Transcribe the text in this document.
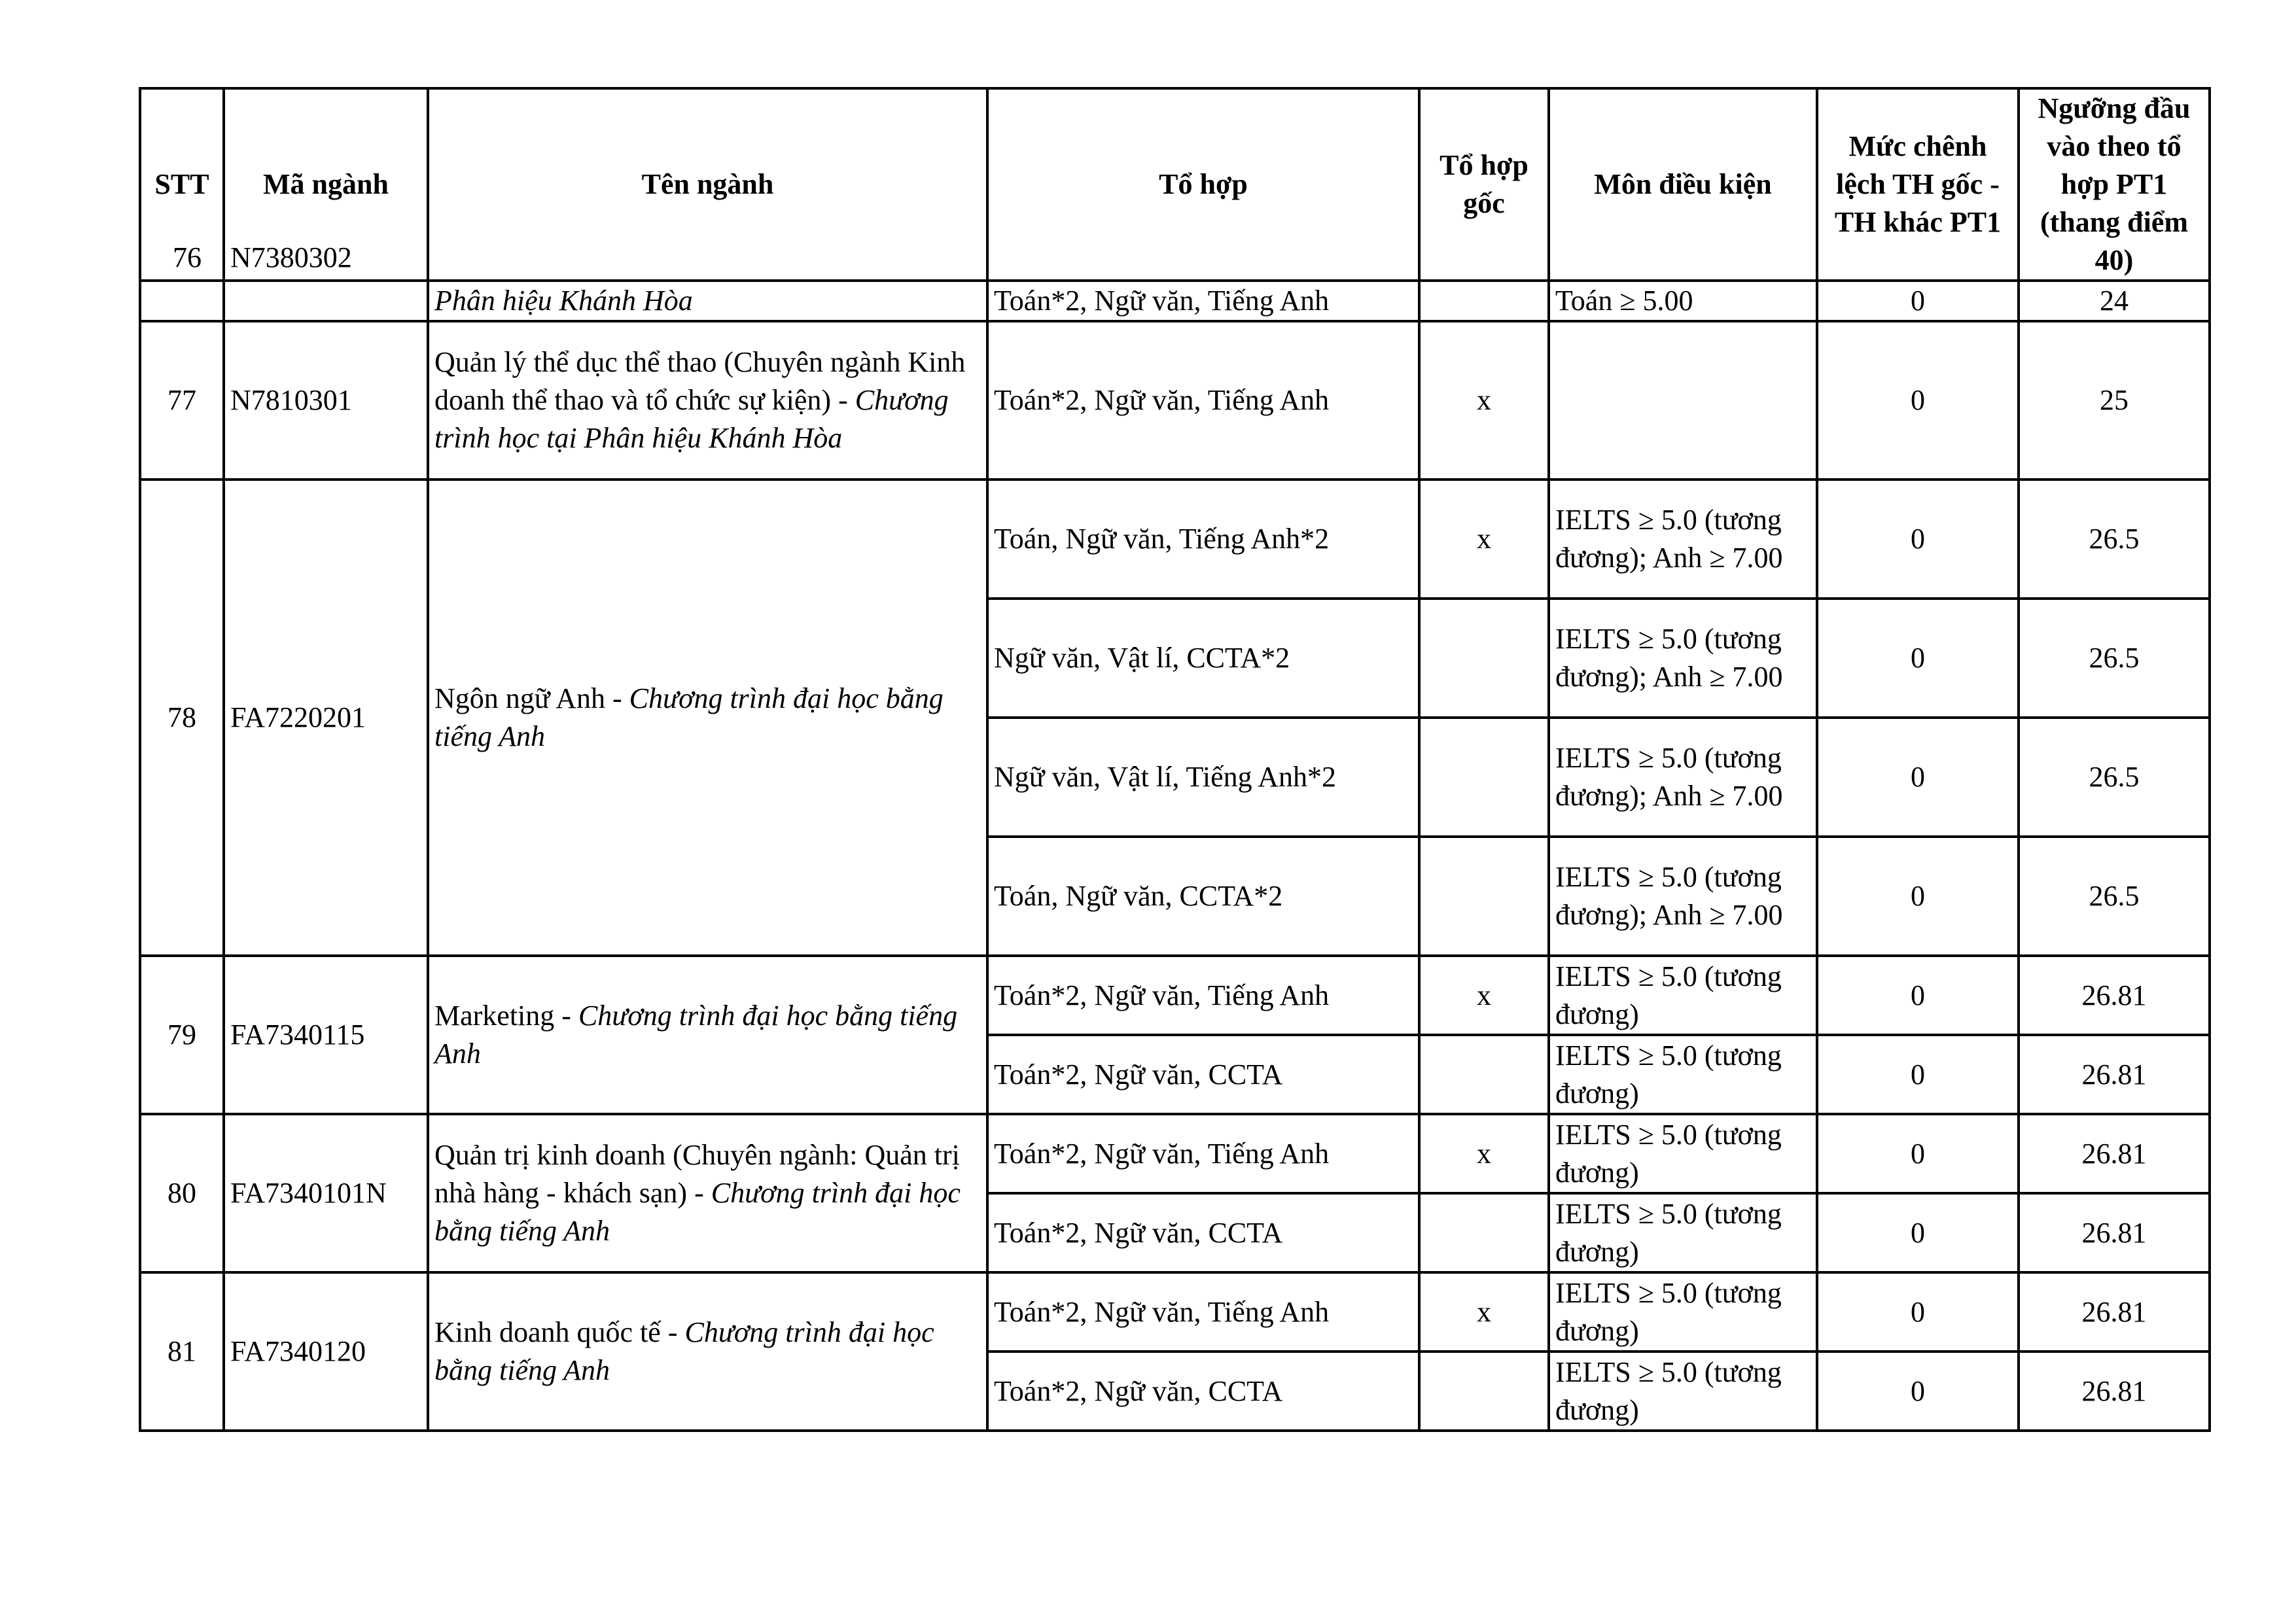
STT	Mã ngành	Tên ngành	Tổ hợp	Tổ hợp gốc	Môn điều kiện	Mức chênh lệch TH gốc - TH khác PT1	Ngưỡng đầu vào theo tổ hợp PT1 (thang điểm 40)

76	N7380302	Phân hiệu Khánh Hòa	Toán*2, Ngữ văn, Tiếng Anh		Toán ≥ 5.00	0	24
77	N7810301	Quản lý thể dục thể thao (Chuyên ngành Kinh doanh thể thao và tổ chức sự kiện) - Chương trình học tại Phân hiệu Khánh Hòa	Toán*2, Ngữ văn, Tiếng Anh	x		0	25
78	FA7220201	Ngôn ngữ Anh - Chương trình đại học bằng tiếng Anh	Toán, Ngữ văn, Tiếng Anh*2	x	IELTS ≥ 5.0 (tương đương); Anh ≥ 7.00	0	26.5
			Ngữ văn, Vật lí, CCTA*2		IELTS ≥ 5.0 (tương đương); Anh ≥ 7.00	0	26.5
			Ngữ văn, Vật lí, Tiếng Anh*2		IELTS ≥ 5.0 (tương đương); Anh ≥ 7.00	0	26.5
			Toán, Ngữ văn, CCTA*2		IELTS ≥ 5.0 (tương đương); Anh ≥ 7.00	0	26.5
79	FA7340115	Marketing - Chương trình đại học bằng tiếng Anh	Toán*2, Ngữ văn, Tiếng Anh	x	IELTS ≥ 5.0 (tương đương)	0	26.81
			Toán*2, Ngữ văn, CCTA		IELTS ≥ 5.0 (tương đương)	0	26.81
80	FA7340101N	Quản trị kinh doanh (Chuyên ngành: Quản trị nhà hàng - khách sạn) - Chương trình đại học bằng tiếng Anh	Toán*2, Ngữ văn, Tiếng Anh	x	IELTS ≥ 5.0 (tương đương)	0	26.81
			Toán*2, Ngữ văn, CCTA		IELTS ≥ 5.0 (tương đương)	0	26.81
81	FA7340120	Kinh doanh quốc tế - Chương trình đại học bằng tiếng Anh	Toán*2, Ngữ văn, Tiếng Anh	x	IELTS ≥ 5.0 (tương đương)	0	26.81
			Toán*2, Ngữ văn, CCTA		IELTS ≥ 5.0 (tương đương)	0	26.81
